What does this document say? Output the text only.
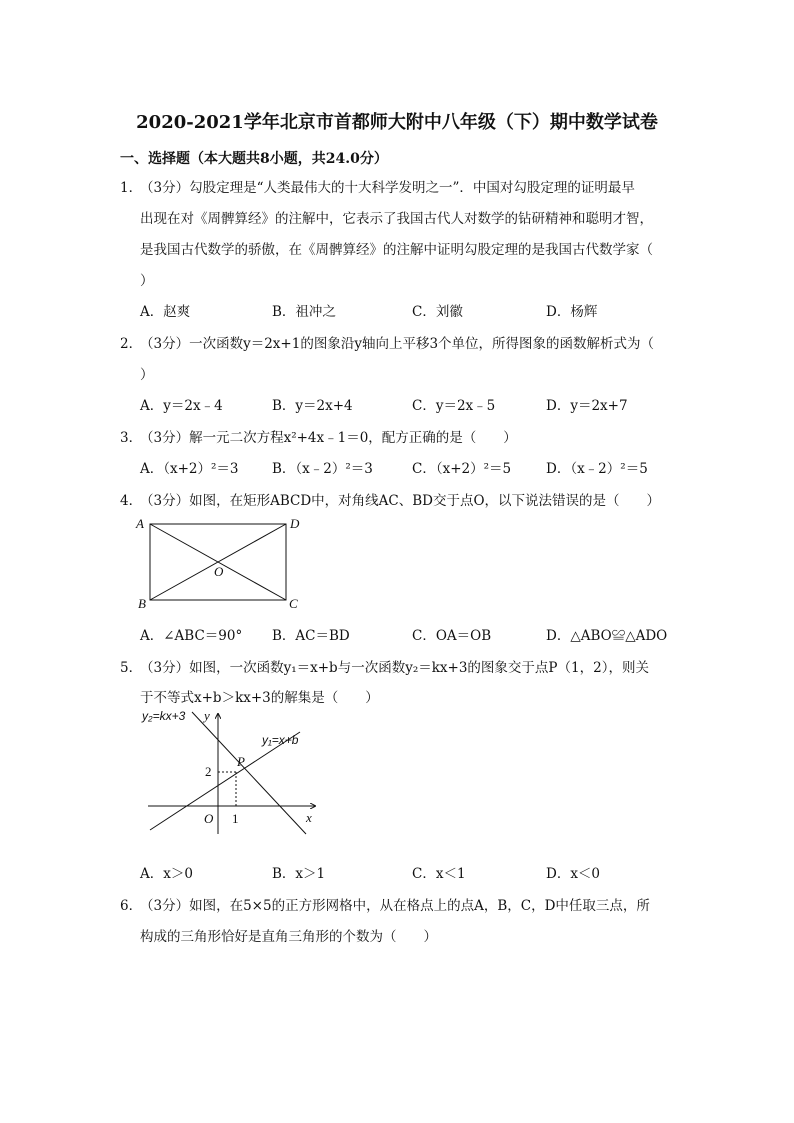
2020-2021学年北京市首都师大附中八年级（下）期中数学试卷
一、选择题（本大题共8小题，共24.0分）
1．
（3分）勾股定理是“人类最伟大的十大科学发明之一”．中国对勾股定理的证明最早
出现在对《周髀算经》的注解中，它表示了我国古代人对数学的钻研精神和聪明才智，
是我国古代数学的骄傲，在《周髀算经》的注解中证明勾股定理的是我国古代数学家（
）
A．赵爽	B．祖冲之	C．刘徽	D．杨辉
2．
（3分）一次函数y＝2x+1的图象沿y轴向上平移3个单位，所得图象的函数解析式为（
）
A．y＝2x﹣4	B．y＝2x+4	C．y＝2x﹣5	D．y＝2x+7
3．
（3分）解一元二次方程x²+4x﹣1＝0，配方正确的是（　　）
A．（x+2）²＝3 B．（x﹣2）²＝3	C．（x+2）²＝5	D．（x﹣2）²＝5
4．
（3分）如图，在矩形ABCD中，对角线AC、BD交于点O，以下说法错误的是（　　）
A	D
B	C
O
A．∠ABC＝90° B．AC＝BD	C．OA＝OB	D．△ABO≌△ADO
5．
（3分）如图，一次函数y₁＝x+b与一次函数y₂＝kx+3的图象交于点P（1，2），则关
于不等式x+b＞kx+3的解集是（　　）
y₂=kx+3
y₁=x+b
y
x
O
P
1
2
A．x＞0	B．x＞1	C．x＜1	D．x＜0
6．
（3分）如图，在5×5的正方形网格中，从在格点上的点A，B，C，D中任取三点，所
构成的三角形恰好是直角三角形的个数为（　　）
